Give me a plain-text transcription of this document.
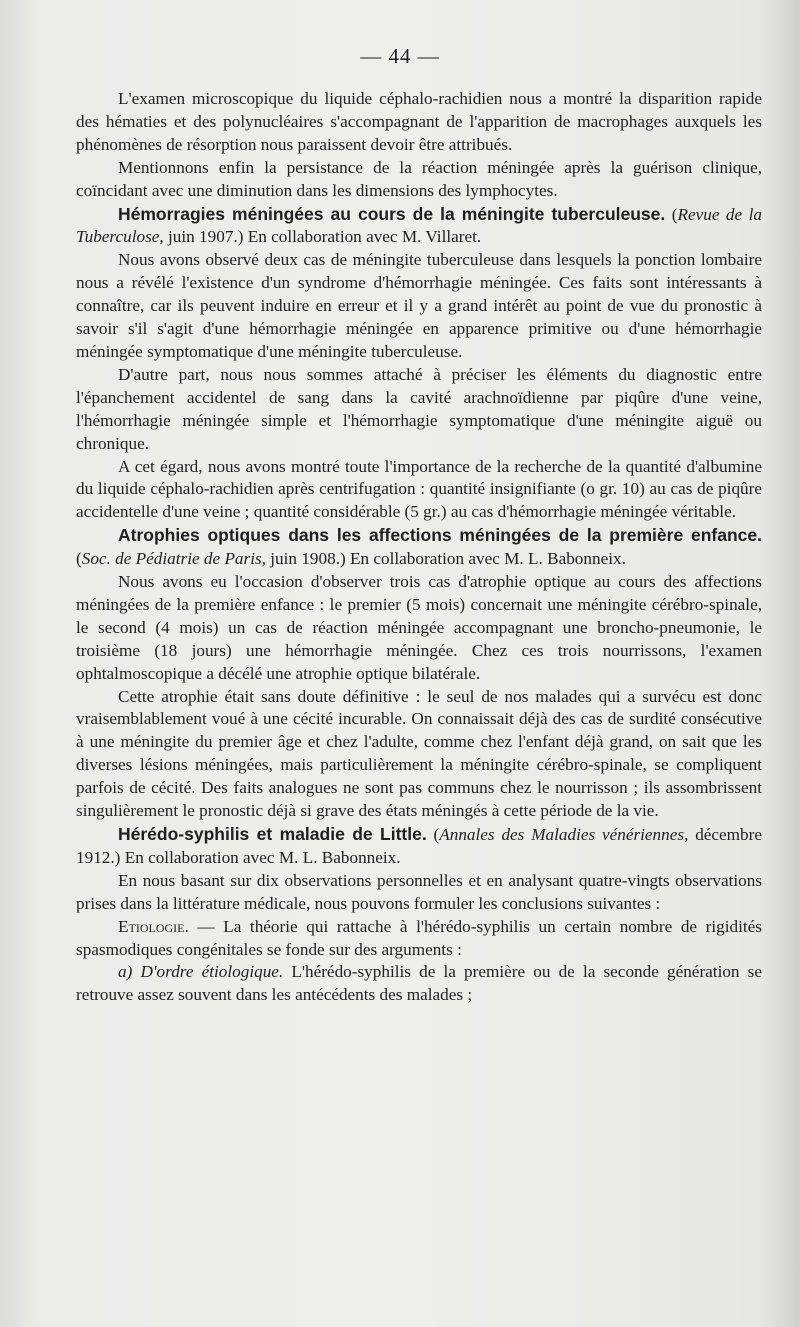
— 44 —

L'examen microscopique du liquide céphalo-rachidien nous a montré la disparition rapide des hématies et des polynucléaires s'accompagnant de l'apparition de macrophages auxquels les phénomènes de résorption nous paraissent devoir être attribués.

Mentionnons enfin la persistance de la réaction méningée après la guérison clinique, coïncidant avec une diminution dans les dimensions des lymphocytes.

Hémorragies méningées au cours de la méningite tuberculeuse. (Revue de la Tuberculose, juin 1907.) En collaboration avec M. Villaret.

Nous avons observé deux cas de méningite tuberculeuse dans lesquels la ponction lombaire nous a révélé l'existence d'un syndrome d'hémorrhagie méningée. Ces faits sont intéressants à connaître, car ils peuvent induire en erreur et il y a grand intérêt au point de vue du pronostic à savoir s'il s'agit d'une hémorrhagie méningée en apparence primitive ou d'une hémorrhagie méningée symptomatique d'une méningite tuberculeuse.

D'autre part, nous nous sommes attaché à préciser les éléments du diagnostic entre l'épanchement accidentel de sang dans la cavité arachnoïdienne par piqûre d'une veine, l'hémorrhagie méningée simple et l'hémorrhagie symptomatique d'une méningite aiguë ou chronique.

A cet égard, nous avons montré toute l'importance de la recherche de la quantité d'albumine du liquide céphalo-rachidien après centrifugation : quantité insignifiante (o gr. 10) au cas de piqûre accidentelle d'une veine ; quantité considérable (5 gr.) au cas d'hémorrhagie méningée véritable.

Atrophies optiques dans les affections méningées de la première enfance. (Soc. de Pédiatrie de Paris, juin 1908.) En collaboration avec M. L. Babonneix.

Nous avons eu l'occasion d'observer trois cas d'atrophie optique au cours des affections méningées de la première enfance : le premier (5 mois) concernait une méningite cérébro-spinale, le second (4 mois) un cas de réaction méningée accompagnant une broncho-pneumonie, le troisième (18 jours) une hémorrhagie méningée. Chez ces trois nourrissons, l'examen ophtalmoscopique a décélé une atrophie optique bilatérale.

Cette atrophie était sans doute définitive : le seul de nos malades qui a survécu est donc vraisemblablement voué à une cécité incurable. On connaissait déjà des cas de surdité consécutive à une méningite du premier âge et chez l'adulte, comme chez l'enfant déjà grand, on sait que les diverses lésions méningées, mais particulièrement la méningite cérébro-spinale, se compliquent parfois de cécité. Des faits analogues ne sont pas communs chez le nourrisson ; ils assombrissent singulièrement le pronostic déjà si grave des états méningés à cette période de la vie.

Hérédo-syphilis et maladie de Little. (Annales des Maladies vénériennes, décembre 1912.) En collaboration avec M. L. Babonneix.

En nous basant sur dix observations personnelles et en analysant quatre-vingts observations prises dans la littérature médicale, nous pouvons formuler les conclusions suivantes :

Etiologie. — La théorie qui rattache à l'hérédo-syphilis un certain nombre de rigidités spasmodiques congénitales se fonde sur des arguments :

a) D'ordre étiologique. L'hérédo-syphilis de la première ou de la seconde génération se retrouve assez souvent dans les antécédents des malades ;
